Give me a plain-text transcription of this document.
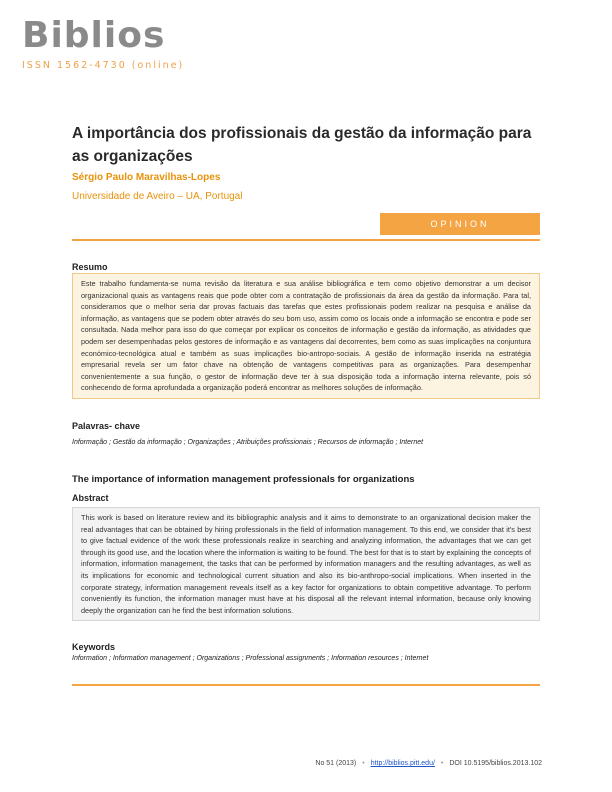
Biblios
ISSN 1562-4730 (online)
A importância dos profissionais da gestão da informação para as organizações
Sérgio Paulo Maravilhas-Lopes
Universidade de Aveiro – UA, Portugal
OPINION
Resumo
Este trabalho fundamenta-se numa revisão da literatura e sua análise bibliográfica e tem como objetivo demonstrar a um decisor organizacional quais as vantagens reais que pode obter com a contratação de profissionais da área da gestão da informação. Para tal, consideramos que o melhor seria dar provas factuais das tarefas que estes profissionais podem realizar na pesquisa e análise da informação, as vantagens que se podem obter através do seu bom uso, assim como os locais onde a informação se encontra e pode ser consultada. Nada melhor para isso do que começar por explicar os conceitos de informação e gestão da informação, as atividades que podem ser desempenhadas pelos gestores de informação e as vantagens daí decorrentes, bem como as suas implicações na conjuntura económico-tecnológica atual e também as suas implicações bio-antropo-sociais. A gestão de informação inserida na estratégia empresarial revela ser um fator chave na obtenção de vantagens competitivas para as organizações. Para desempenhar convenientemente a sua função, o gestor de informação deve ter à sua disposição toda a informação interna relevante, pois só conhecendo de forma aprofundada a organização poderá encontrar as melhores soluções de informação.
Palavras- chave
Informação ; Gestão da informação ; Organizações ; Atribuições profissionais ; Recursos de informação ; Internet
The importance of information management professionals for organizations
Abstract
This work is based on literature review and its bibliographic analysis and it aims to demonstrate to an organizational decision maker the real advantages that can be obtained by hiring professionals in the field of information management. To this end, we consider that it's best to give factual evidence of the work these professionals realize in searching and analyzing information, the advantages that we can get through its good use, and the location where the information is waiting to be found. The best for that is to start by explaining the concepts of information, information management, the tasks that can be performed by information managers and the resulting advantages, as well as its implications for economic and technological current situation and also its bio-anthropo-social implications. When inserted in the corporate strategy, information management reveals itself as a key factor for organizations to obtain competitive advantage. To perform conveniently its function, the information manager must have at his disposal all the relevant internal information, because only knowing deeply the organization can he find the best information solutions.
Keywords
Information ; Information management ; Organizations ; Professional assignments ; Information resources ; Internet
No 51 (2013) • http://biblios.pitt.edu/ • DOI 10.5195/biblios.2013.102
